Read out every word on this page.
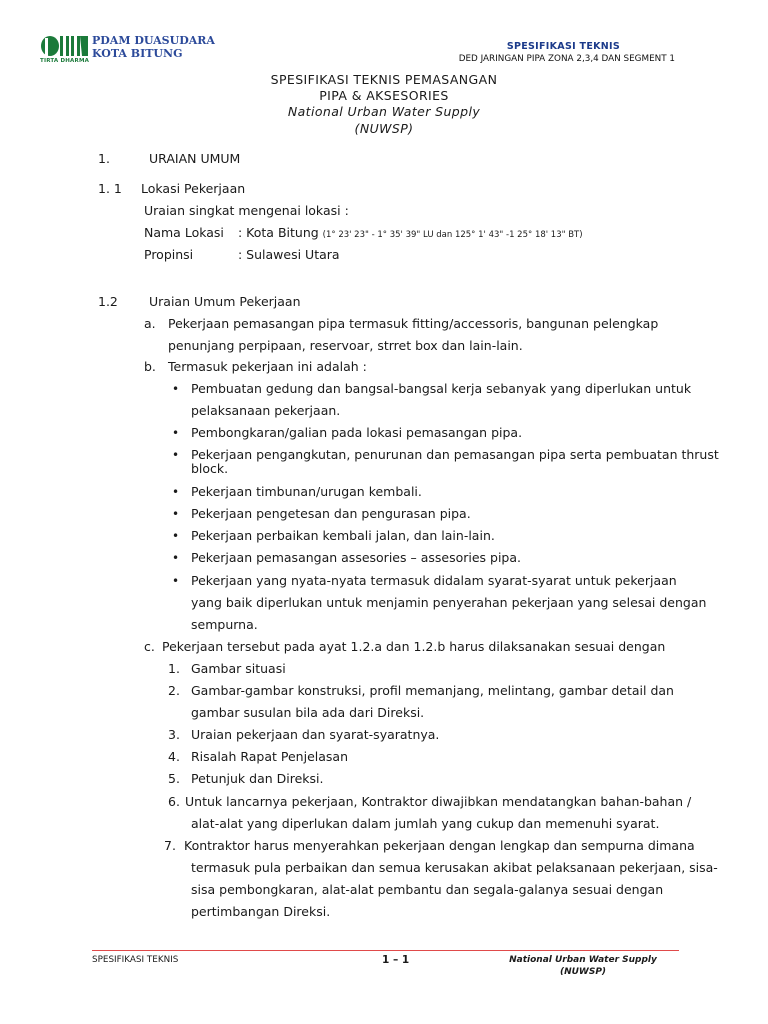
PDAM DUASUDARA
KOTA BITUNG
TIRTA DHARMA
SPESIFIKASI TEKNIS
DED JARINGAN PIPA ZONA 2,3,4 DAN SEGMENT 1
SPESIFIKASI TEKNIS PEMASANGAN
PIPA & AKSESORIES
National Urban Water Supply
(NUWSP)
1.	URAIAN UMUM
1. 1 Lokasi Pekerjaan
Uraian singkat mengenai lokasi :
Nama Lokasi : Kota Bitung (1° 23' 23" - 1° 35' 39" LU dan 125° 1' 43" -1 25° 18' 13" BT)
Propinsi	: Sulawesi Utara
1.2 Uraian Umum Pekerjaan
a. Pekerjaan pemasangan pipa termasuk fitting/accessoris, bangunan pelengkap
penunjang perpipaan, reservoar, strret box dan lain-lain.
b. Termasuk pekerjaan ini adalah :
• Pembuatan gedung dan bangsal-bangsal kerja sebanyak yang diperlukan untuk
pelaksanaan pekerjaan.
• Pembongkaran/galian pada lokasi pemasangan pipa.
• Pekerjaan pengangkutan, penurunan dan pemasangan pipa serta pembuatan thrust
block.
• Pekerjaan timbunan/urugan kembali.
• Pekerjaan pengetesan dan pengurasan pipa.
• Pekerjaan perbaikan kembali jalan, dan lain-lain.
• Pekerjaan pemasangan assesories – assesories pipa.
• Pekerjaan yang nyata-nyata termasuk didalam syarat-syarat untuk pekerjaan
yang baik diperlukan untuk menjamin penyerahan pekerjaan yang selesai dengan
sempurna.
c. Pekerjaan tersebut pada ayat 1.2.a dan 1.2.b harus dilaksanakan sesuai dengan
1. Gambar situasi
2. Gambar-gambar konstruksi, profil memanjang, melintang, gambar detail dan
gambar susulan bila ada dari Direksi.
3. Uraian pekerjaan dan syarat-syaratnya.
4. Risalah Rapat Penjelasan
5. Petunjuk dan Direksi.
6. Untuk lancarnya pekerjaan, Kontraktor diwajibkan mendatangkan bahan-bahan /
alat-alat yang diperlukan dalam jumlah yang cukup dan memenuhi syarat.
7. Kontraktor harus menyerahkan pekerjaan dengan lengkap dan sempurna dimana
termasuk pula perbaikan dan semua kerusakan akibat pelaksanaan pekerjaan, sisa-
sisa pembongkaran, alat-alat pembantu dan segala-galanya sesuai dengan
pertimbangan Direksi.
SPESIFIKASI TEKNIS	1 – 1	National Urban Water Supply
(NUWSP)
